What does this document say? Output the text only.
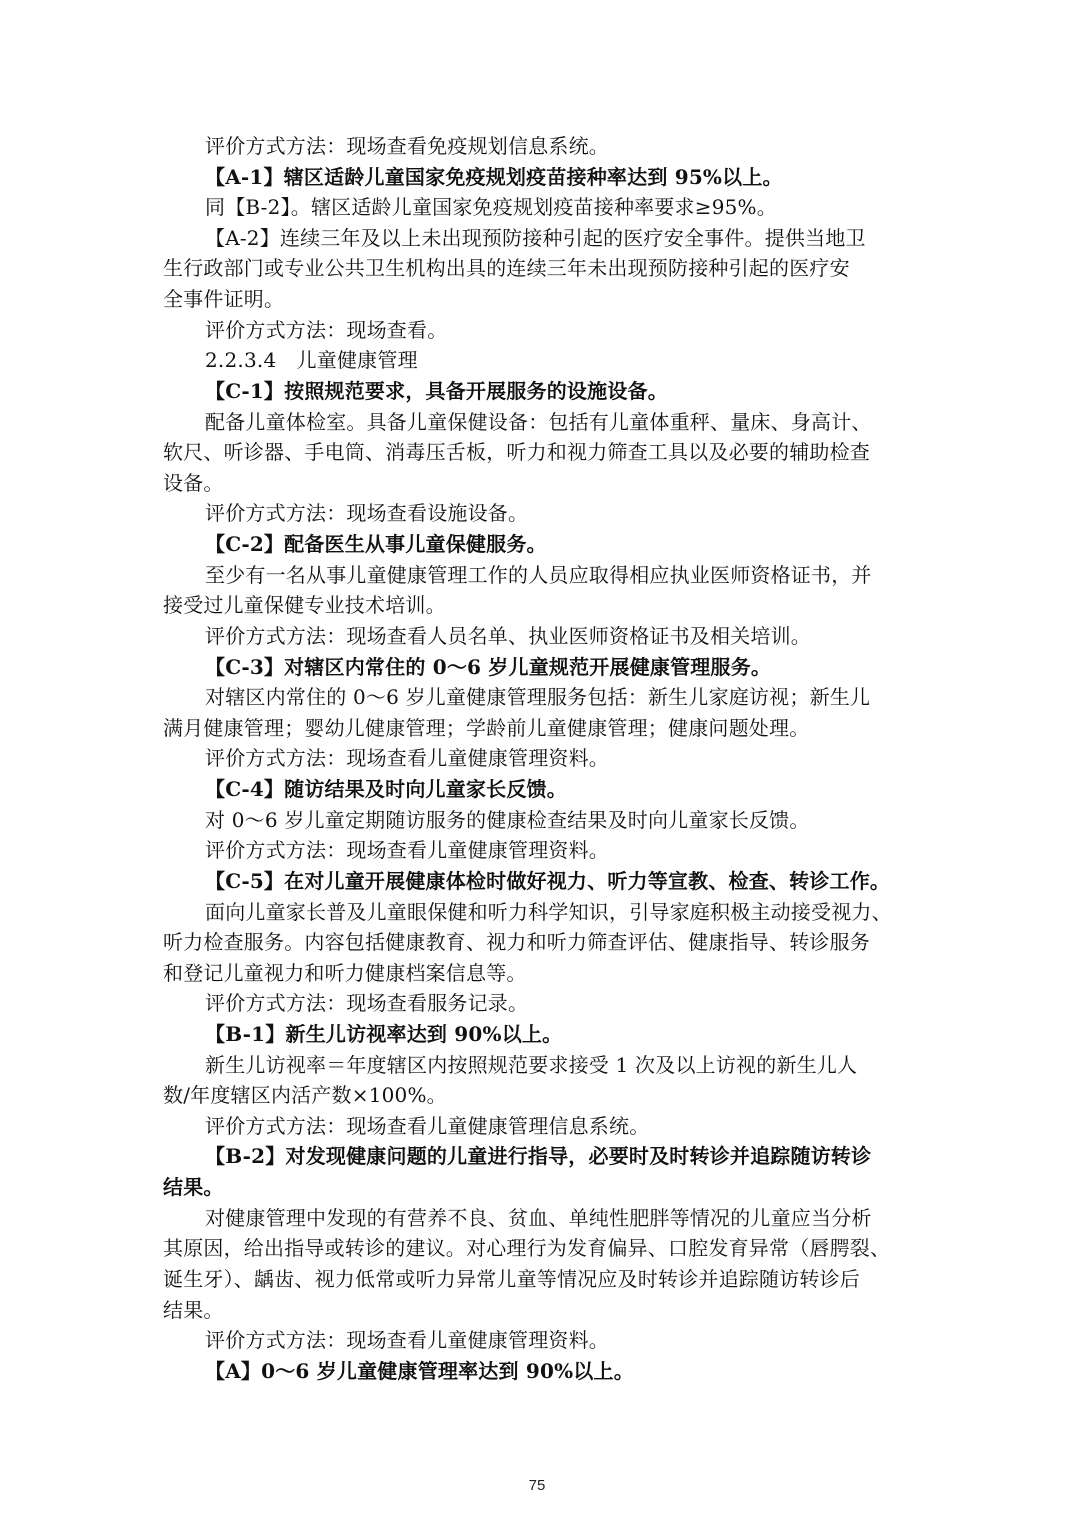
评价方式方法：现场查看免疫规划信息系统。
【A-1】辖区适龄儿童国家免疫规划疫苗接种率达到 95%以上。
同【B-2】。辖区适龄儿童国家免疫规划疫苗接种率要求≥95%。
【A-2】连续三年及以上未出现预防接种引起的医疗安全事件。提供当地卫
生行政部门或专业公共卫生机构出具的连续三年未出现预防接种引起的医疗安
全事件证明。
评价方式方法：现场查看。
2.2.3.4　儿童健康管理
【C-1】按照规范要求，具备开展服务的设施设备。
配备儿童体检室。具备儿童保健设备：包括有儿童体重秤、量床、身高计、
软尺、听诊器、手电筒、消毒压舌板，听力和视力筛查工具以及必要的辅助检查
设备。
评价方式方法：现场查看设施设备。
【C-2】配备医生从事儿童保健服务。
至少有一名从事儿童健康管理工作的人员应取得相应执业医师资格证书，并
接受过儿童保健专业技术培训。
评价方式方法：现场查看人员名单、执业医师资格证书及相关培训。
【C-3】对辖区内常住的 0～6 岁儿童规范开展健康管理服务。
对辖区内常住的 0～6 岁儿童健康管理服务包括：新生儿家庭访视；新生儿
满月健康管理；婴幼儿健康管理；学龄前儿童健康管理；健康问题处理。
评价方式方法：现场查看儿童健康管理资料。
【C-4】随访结果及时向儿童家长反馈。
对 0～6 岁儿童定期随访服务的健康检查结果及时向儿童家长反馈。
评价方式方法：现场查看儿童健康管理资料。
【C-5】在对儿童开展健康体检时做好视力、听力等宣教、检查、转诊工作。
面向儿童家长普及儿童眼保健和听力科学知识，引导家庭积极主动接受视力、
听力检查服务。内容包括健康教育、视力和听力筛查评估、健康指导、转诊服务
和登记儿童视力和听力健康档案信息等。
评价方式方法：现场查看服务记录。
【B-1】新生儿访视率达到 90%以上。
新生儿访视率＝年度辖区内按照规范要求接受 1 次及以上访视的新生儿人
数/年度辖区内活产数×100%。
评价方式方法：现场查看儿童健康管理信息系统。
【B-2】对发现健康问题的儿童进行指导，必要时及时转诊并追踪随访转诊
结果。
对健康管理中发现的有营养不良、贫血、单纯性肥胖等情况的儿童应当分析
其原因，给出指导或转诊的建议。对心理行为发育偏异、口腔发育异常（唇腭裂、
诞生牙）、龋齿、视力低常或听力异常儿童等情况应及时转诊并追踪随访转诊后
结果。
评价方式方法：现场查看儿童健康管理资料。
【A】0～6 岁儿童健康管理率达到 90%以上。
75
